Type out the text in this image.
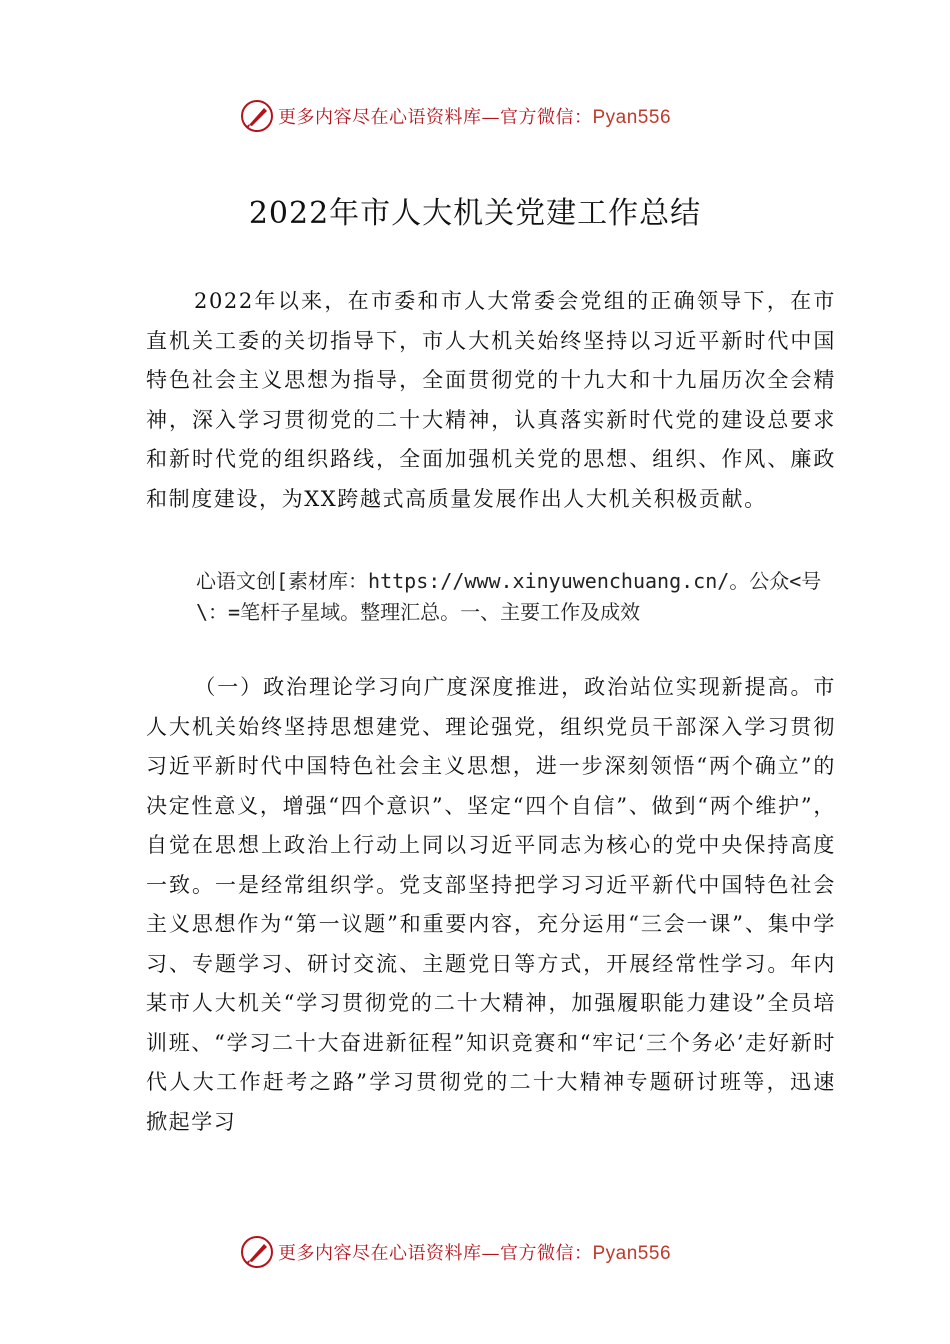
更多内容尽在心语资料库—官方微信：Pyan556
2022年市人大机关党建工作总结

2022年以来，在市委和市人大常委会党组的正确领导下，在市直机关工委的关切指导下，市人大机关始终坚持以习近平新时代中国特色社会主义思想为指导，全面贯彻党的十九大和十九届历次全会精神，深入学习贯彻党的二十大精神，认真落实新时代党的建设总要求和新时代党的组织路线，全面加强机关党的思想、组织、作风、廉政和制度建设，为XX跨越式高质量发展作出人大机关积极贡献。

心语文创[素材库：https://www.xinyuwenchuang.cn/。公众<号\：=笔杆子星域。整理汇总。一、主要工作及成效

（一）政治理论学习向广度深度推进，政治站位实现新提高。市人大机关始终坚持思想建党、理论强党，组织党员干部深入学习贯彻习近平新时代中国特色社会主义思想，进一步深刻领悟“两个确立”的决定性意义，增强“四个意识”、坚定“四个自信”、做到“两个维护”，自觉在思想上政治上行动上同以习近平同志为核心的党中央保持高度一致。一是经常组织学。党支部坚持把学习习近平新代中国特色社会主义思想作为“第一议题”和重要内容，充分运用“三会一课”、集中学习、专题学习、研讨交流、主题党日等方式，开展经常性学习。年内某市人大机关“学习贯彻党的二十大精神，加强履职能力建设”全员培训班、“学习二十大奋进新征程”知识竞赛和“牢记‘三个务必’走好新时代人大工作赶考之路”学习贯彻党的二十大精神专题研讨班等，迅速掀起学习

更多内容尽在心语资料库—官方微信：Pyan556
